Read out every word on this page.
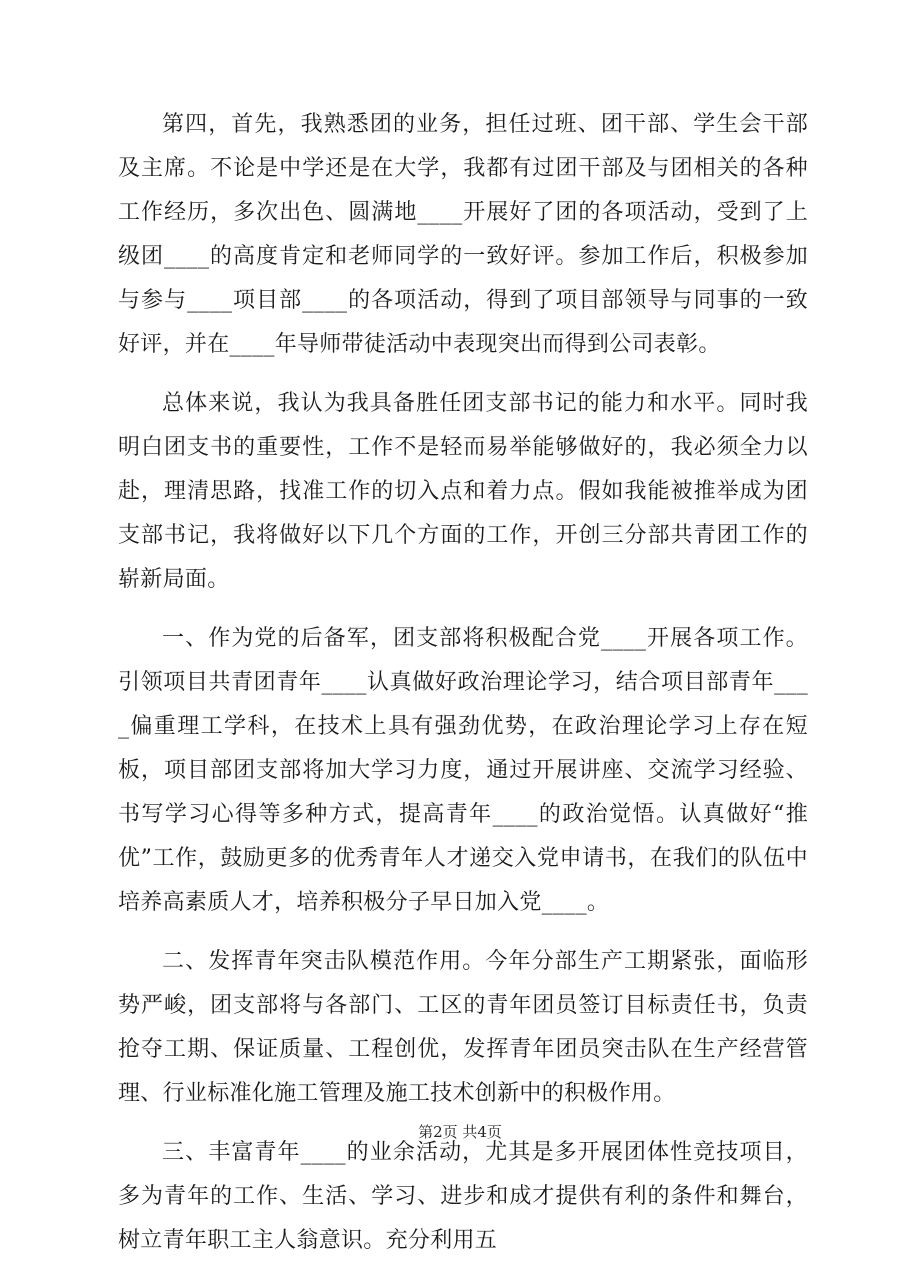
第四，首先，我熟悉团的业务，担任过班、团干部、学生会干部及主席。不论是中学还是在大学，我都有过团干部及与团相关的各种工作经历，多次出色、圆满地____开展好了团的各项活动，受到了上级团____的高度肯定和老师同学的一致好评。参加工作后，积极参加与参与____项目部____的各项活动，得到了项目部领导与同事的一致好评，并在____年导师带徒活动中表现突出而得到公司表彰。

总体来说，我认为我具备胜任团支部书记的能力和水平。同时我明白团支书的重要性，工作不是轻而易举能够做好的，我必须全力以赴，理清思路，找准工作的切入点和着力点。假如我能被推举成为团支部书记，我将做好以下几个方面的工作，开创三分部共青团工作的崭新局面。

一、作为党的后备军，团支部将积极配合党____开展各项工作。引领项目共青团青年____认真做好政治理论学习，结合项目部青年____偏重理工学科，在技术上具有强劲优势，在政治理论学习上存在短板，项目部团支部将加大学习力度，通过开展讲座、交流学习经验、书写学习心得等多种方式，提高青年____的政治觉悟。认真做好“推优”工作，鼓励更多的优秀青年人才递交入党申请书，在我们的队伍中培养高素质人才，培养积极分子早日加入党____。

二、发挥青年突击队模范作用。今年分部生产工期紧张，面临形势严峻，团支部将与各部门、工区的青年团员签订目标责任书，负责抢夺工期、保证质量、工程创优，发挥青年团员突击队在生产经营管理、行业标准化施工管理及施工技术创新中的积极作用。

三、丰富青年____的业余活动，尤其是多开展团体性竞技项目，多为青年的工作、生活、学习、进步和成才提供有利的条件和舞台，树立青年职工主人翁意识。充分利用五

第2页 共4页
